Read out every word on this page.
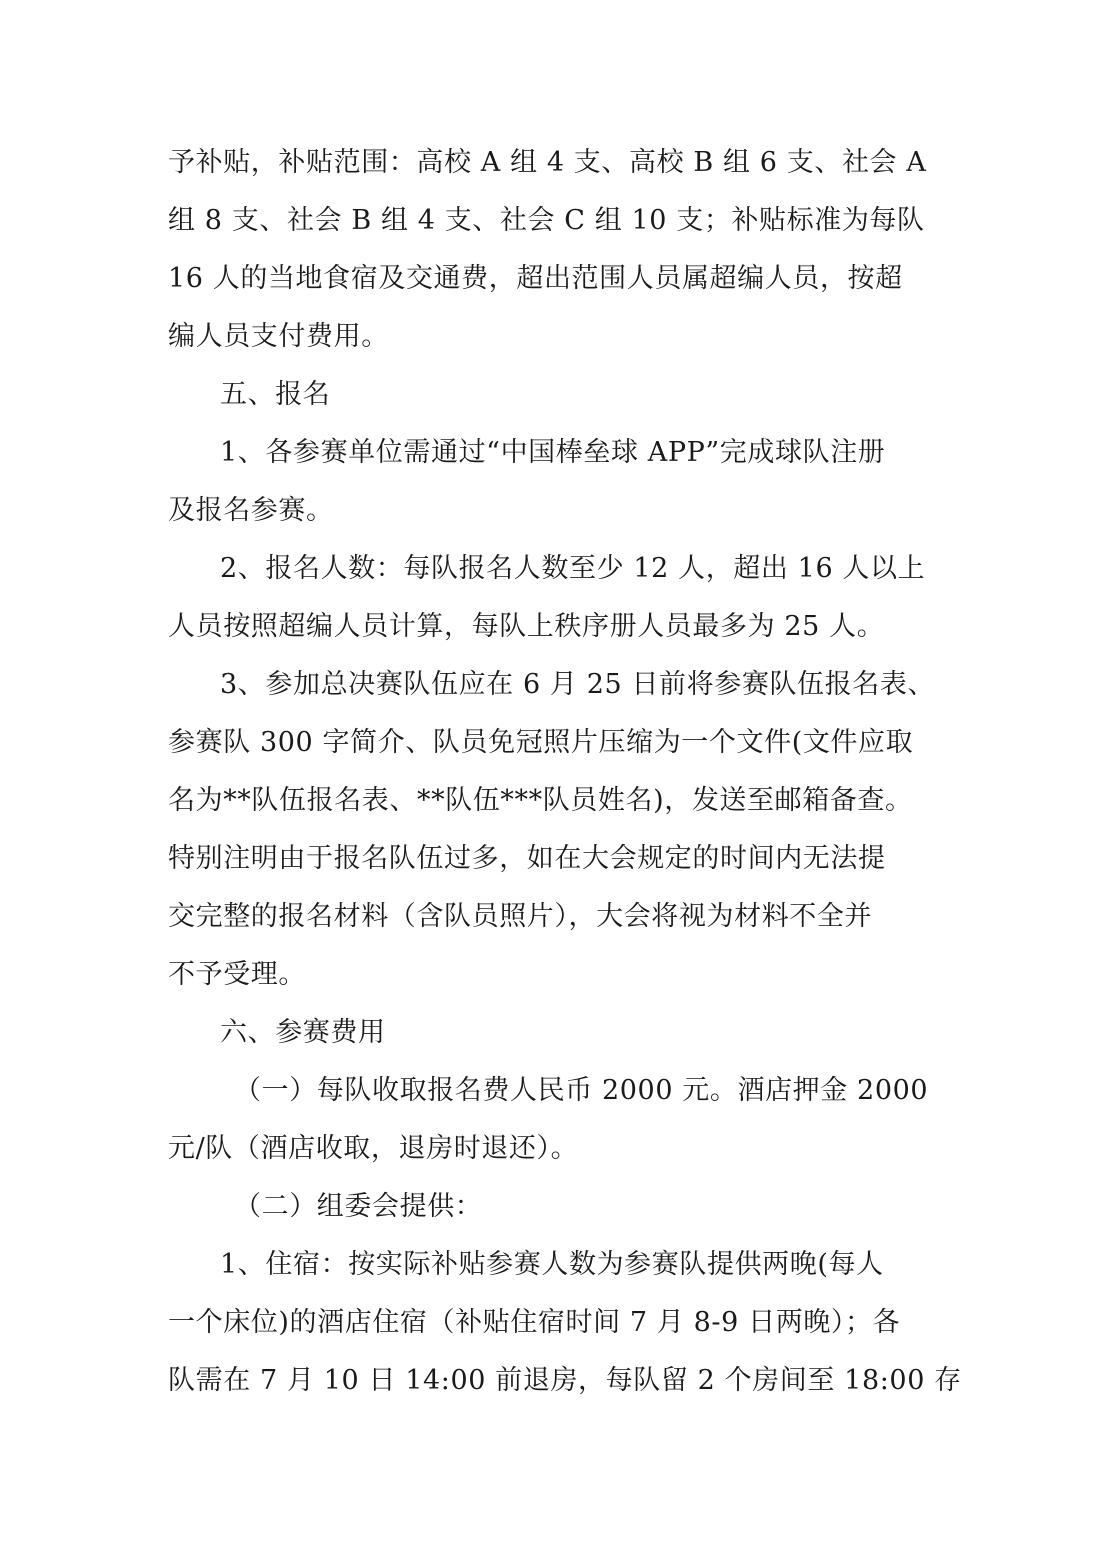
予补贴，补贴范围：高校 A 组 4 支、高校 B 组 6 支、社会 A
组 8 支、社会 B 组 4 支、社会 C 组 10 支；补贴标准为每队
16 人的当地食宿及交通费，超出范围人员属超编人员，按超
编人员支付费用。
五、报名
1、各参赛单位需通过“中国棒垒球 APP”完成球队注册
及报名参赛。
2、报名人数：每队报名人数至少 12 人，超出 16 人以上
人员按照超编人员计算，每队上秩序册人员最多为 25 人。
3、参加总决赛队伍应在 6 月 25 日前将参赛队伍报名表、
参赛队 300 字简介、队员免冠照片压缩为一个文件(文件应取
名为**队伍报名表、**队伍***队员姓名)，发送至邮箱备查。
特别注明由于报名队伍过多，如在大会规定的时间内无法提
交完整的报名材料（含队员照片），大会将视为材料不全并
不予受理。
六、参赛费用
（一）每队收取报名费人民币 2000 元。酒店押金 2000
元/队（酒店收取，退房时退还）。
（二）组委会提供：
1、住宿：按实际补贴参赛人数为参赛队提供两晚(每人
一个床位)的酒店住宿（补贴住宿时间 7 月 8-9 日两晚）；各
队需在 7 月 10 日 14:00 前退房，每队留 2 个房间至 18:00 存
